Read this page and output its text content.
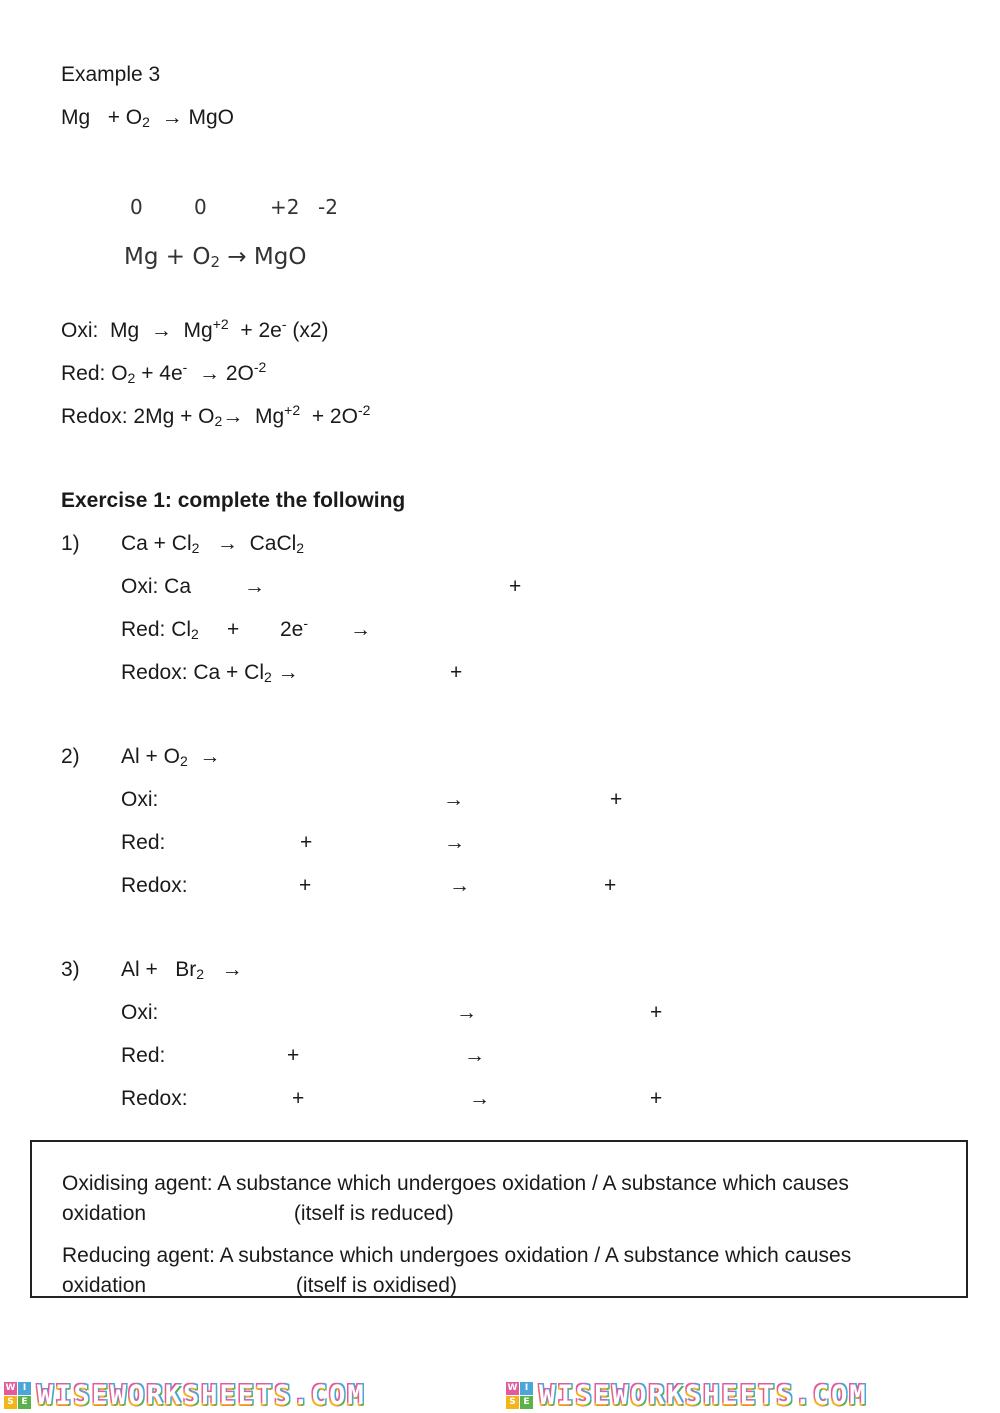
Example 3
$Mg + O_2$ → MgO
0	0	+2 -2
$Mg + O_2$ → MgO
Oxi: $Mg \to Mg^{+2} + 2e^-$ (x2)
Red: $O_2 + 4e^- \to 2O^{-2}$
Redox: $2Mg + O_2\to Mg^{+2} + 2O^{-2}$
Exercise 1: complete the following
1) $Ca + Cl_2$ → CaCl$_2$
Oxi: Ca	→	+
Red: $Cl_2 + 2e^-$ →
Redox: $Ca + Cl_2$ →	+
2) $Al + O_2$ →
Oxi:	→	+
Red:	+	→
Redox:	+	→	+
3) $Al + Br_2$ →
Oxi:	→	+
Red:	+	→
Redox:	+	→	+
Oxidising agent: A substance which undergoes oxidation / A substance which causes
oxidation	(itself is reduced)
Reducing agent: A substance which undergoes oxidation / A substance which causes
oxidation	(itself is oxidised)
W I
S E WISEWORKSHEETS.COM	W I
S E WISEWORKSHEETS.COM
